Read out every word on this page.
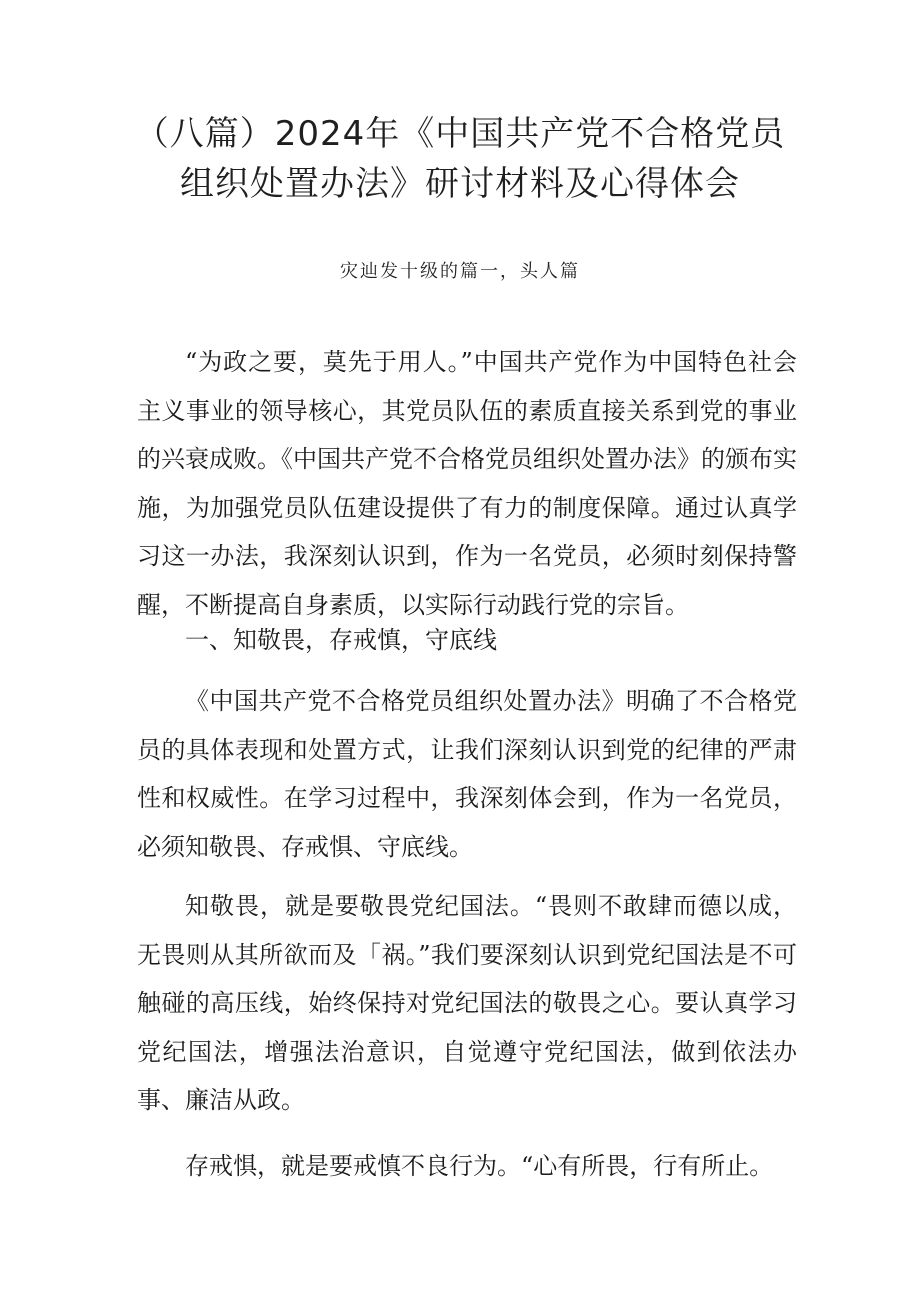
（八篇）2024年《中国共产党不合格党员
组织处置办法》研讨材料及心得体会
灾辿发十级的篇一，头人篇

“为政之要，莫先于用人。”中国共产党作为中国特色社会主义事业的领导核心，其党员队伍的素质直接关系到党的事业的兴衰成败。《中国共产党不合格党员组织处置办法》的颁布实施，为加强党员队伍建设提供了有力的制度保障。通过认真学习这一办法，我深刻认识到，作为一名党员，必须时刻保持警醒，不断提高自身素质，以实际行动践行党的宗旨。

一、知敬畏，存戒慎，守底线

《中国共产党不合格党员组织处置办法》明确了不合格党员的具体表现和处置方式，让我们深刻认识到党的纪律的严肃性和权威性。在学习过程中，我深刻体会到，作为一名党员，必须知敬畏、存戒惧、守底线。

知敬畏，就是要敬畏党纪国法。“畏则不敢肆而德以成，无畏则从其所欲而及「祸。”我们要深刻认识到党纪国法是不可触碰的高压线，始终保持对党纪国法的敬畏之心。要认真学习党纪国法，增强法治意识，自觉遵守党纪国法，做到依法办事、廉洁从政。

存戒惧，就是要戒慎不良行为。“心有所畏，行有所止。
